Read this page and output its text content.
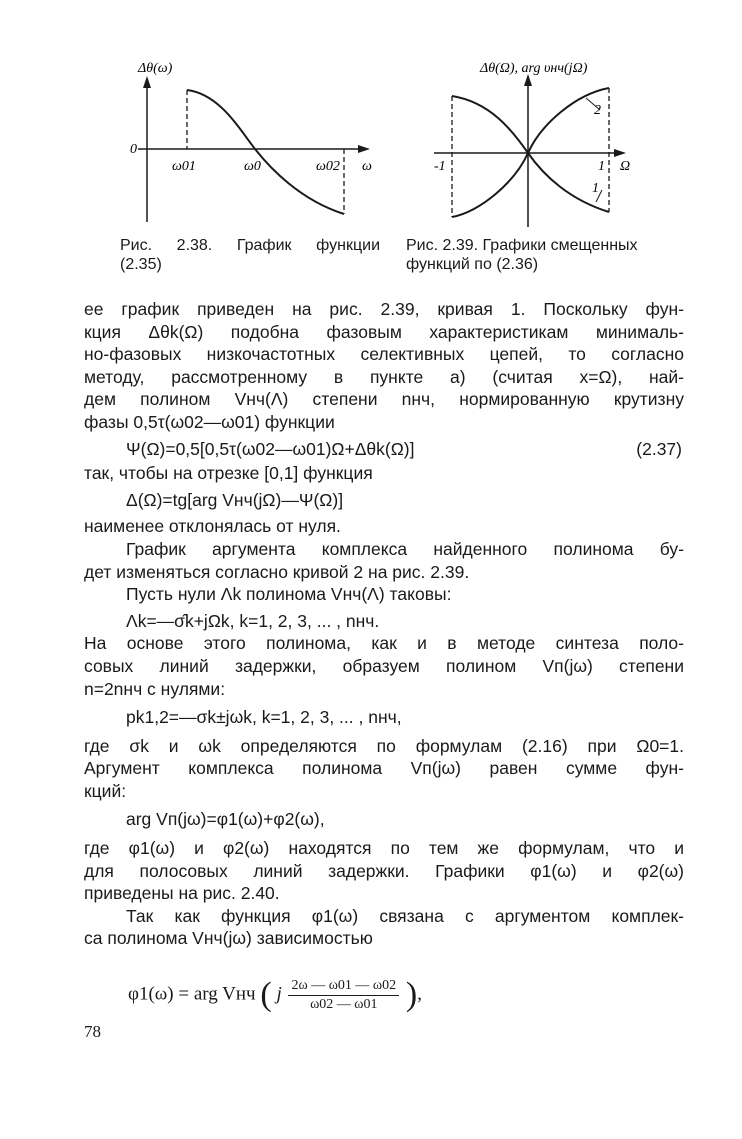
Δθ(ω)
0
ω01	ω0	ω02 ω
Δθ(Ω), arg υнч(jΩ)
-1	1 Ω
2
1
Рис. 2.38. График функции
(2.35)
Рис. 2.39. Графики смещенных
функций по (2.36)
ее график приведен на рис. 2.39, кривая 1. Поскольку фун-
кция Δθk(Ω) подобна фазовым характеристикам минималь-
но-фазовых низкочастотных селективных цепей, то согласно
методу, рассмотренному в пункте а) (считая x=Ω), най-
дем полином Vнч(Λ) степени nнч, нормированную крутизну
фазы 0,5τ(ω02—ω01) функции
Ψ(Ω)=0,5[0,5τ(ω02—ω01)Ω+Δθk(Ω)]	(2.37)
так, чтобы на отрезке [0,1] функция
Δ(Ω)=tg[arg Vнч(jΩ)—Ψ(Ω)]
наименее отклонялась от нуля.
График аргумента комплекса найденного полинома бу-
дет изменяться согласно кривой 2 на рис. 2.39.
Пусть нули Λk полинома Vнч(Λ) таковы:
Λk=—σ̂k+jΩk, k=1, 2, 3, ... , nнч.
На основе этого полинома, как и в методе синтеза поло-
совых линий задержки, образуем полином Vп(jω) степени
n=2nнч с нулями:
pk1,2=—σk±jωk, k=1, 2, 3, ... , nнч,
где σk и ωk определяются по формулам (2.16) при Ω0=1.
Аргумент комплекса полинома Vп(jω) равен сумме фун-
кций:
arg Vп(jω)=φ1(ω)+φ2(ω),
где φ1(ω) и φ2(ω) находятся по тем же формулам, что и
для полосовых линий задержки. Графики φ1(ω) и φ2(ω)
приведены на рис. 2.40.
Так как функция φ1(ω) связана с аргументом комплек-
са полинома Vнч(jω) зависимостью
φ1(ω) = arg Vнч ( j $\frac{2\omega — \omega 01 — \omega 02}{\omega 02 — \omega 01}$ ),
78
